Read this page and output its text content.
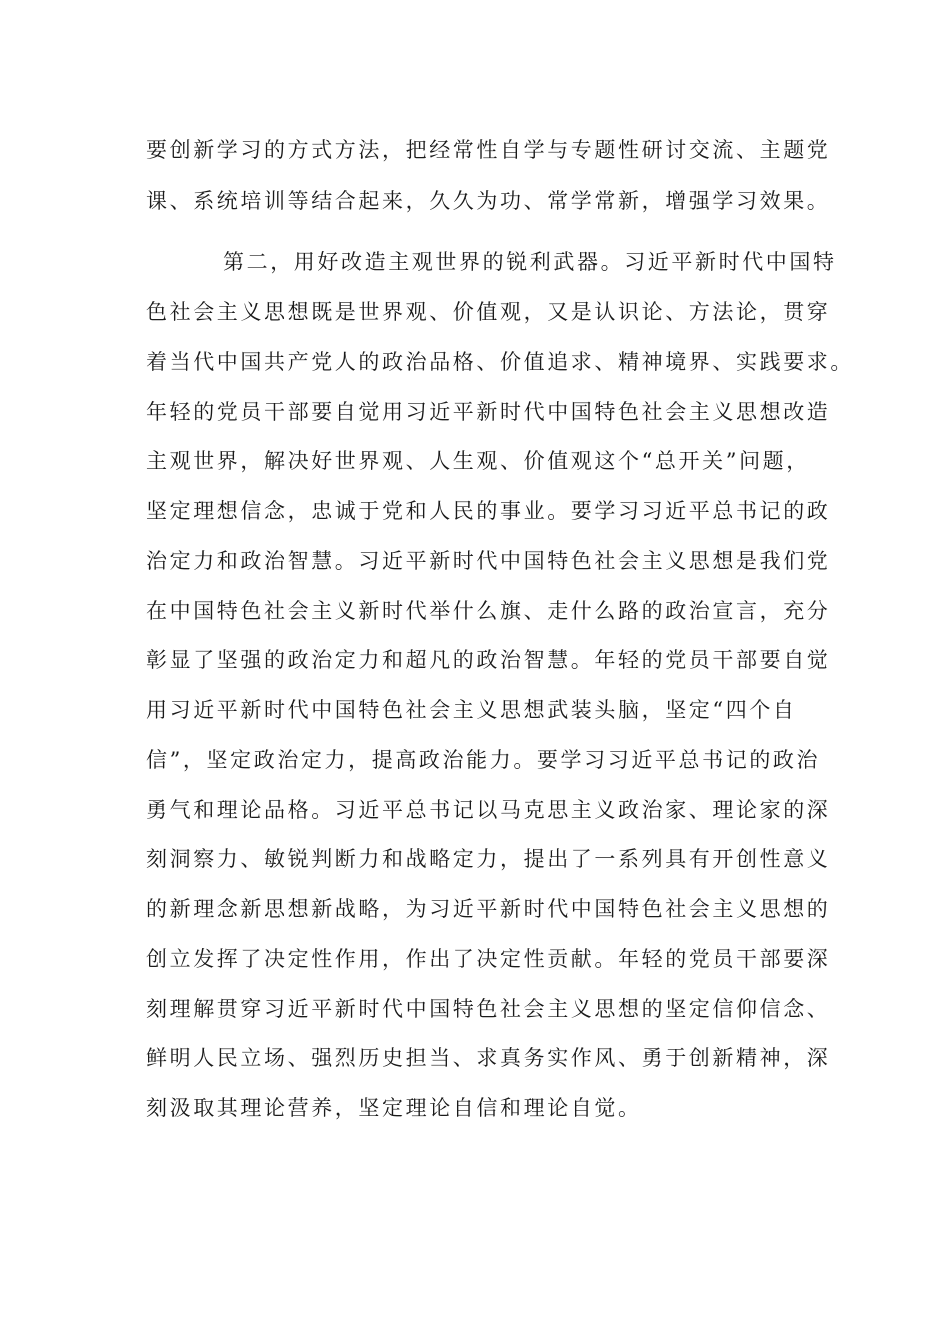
要创新学习的方式方法，把经常性自学与专题性研讨交流、主题党
课、系统培训等结合起来，久久为功、常学常新，增强学习效果。
第二，用好改造主观世界的锐利武器。习近平新时代中国特
色社会主义思想既是世界观、价值观，又是认识论、方法论，贯穿
着当代中国共产党人的政治品格、价值追求、精神境界、实践要求。
年轻的党员干部要自觉用习近平新时代中国特色社会主义思想改造
主观世界，解决好世界观、人生观、价值观这个“总开关”问题，
坚定理想信念，忠诚于党和人民的事业。要学习习近平总书记的政
治定力和政治智慧。习近平新时代中国特色社会主义思想是我们党
在中国特色社会主义新时代举什么旗、走什么路的政治宣言，充分
彰显了坚强的政治定力和超凡的政治智慧。年轻的党员干部要自觉
用习近平新时代中国特色社会主义思想武装头脑，坚定“四个自
信”，坚定政治定力，提高政治能力。要学习习近平总书记的政治
勇气和理论品格。习近平总书记以马克思主义政治家、理论家的深
刻洞察力、敏锐判断力和战略定力，提出了一系列具有开创性意义
的新理念新思想新战略，为习近平新时代中国特色社会主义思想的
创立发挥了决定性作用，作出了决定性贡献。年轻的党员干部要深
刻理解贯穿习近平新时代中国特色社会主义思想的坚定信仰信念、
鲜明人民立场、强烈历史担当、求真务实作风、勇于创新精神，深
刻汲取其理论营养，坚定理论自信和理论自觉。
